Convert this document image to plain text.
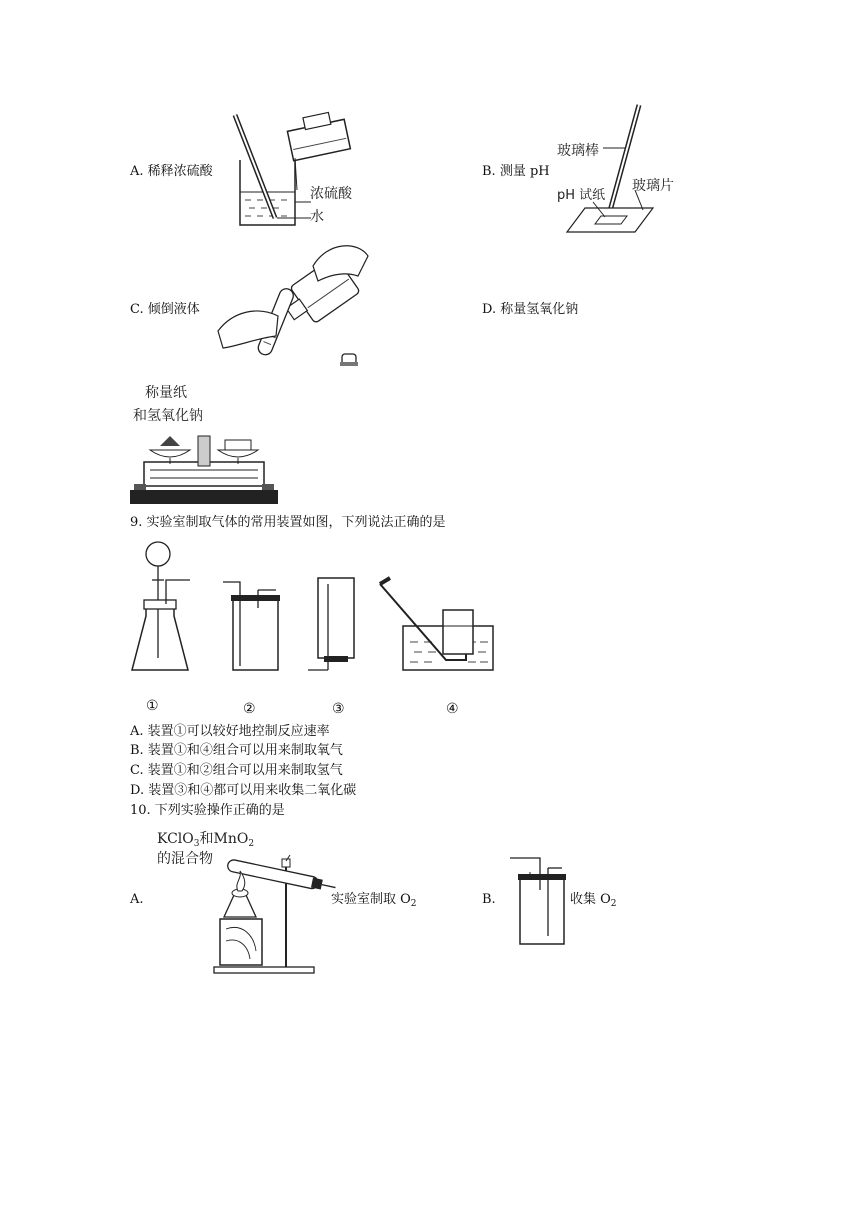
A. 稀释浓硫酸
浓硫酸
水
B. 测量 pH
玻璃棒
pH 试纸
玻璃片
C. 倾倒液体	D. 称量氢氧化钠
称量纸
和氢氧化钠
9. 实验室制取气体的常用装置如图，下列说法正确的是
①	②	③	④
A. 装置①可以较好地控制反应速率
B. 装置①和④组合可以用来制取氧气
C. 装置①和②组合可以用来制取氢气
D. 装置③和④都可以用来收集二氧化碳
10. 下列实验操作正确的是
KClO$_3$和MnO$_2$
的混合物
A.	实验室制取 $O_2$	B.	收集 $O_2$
